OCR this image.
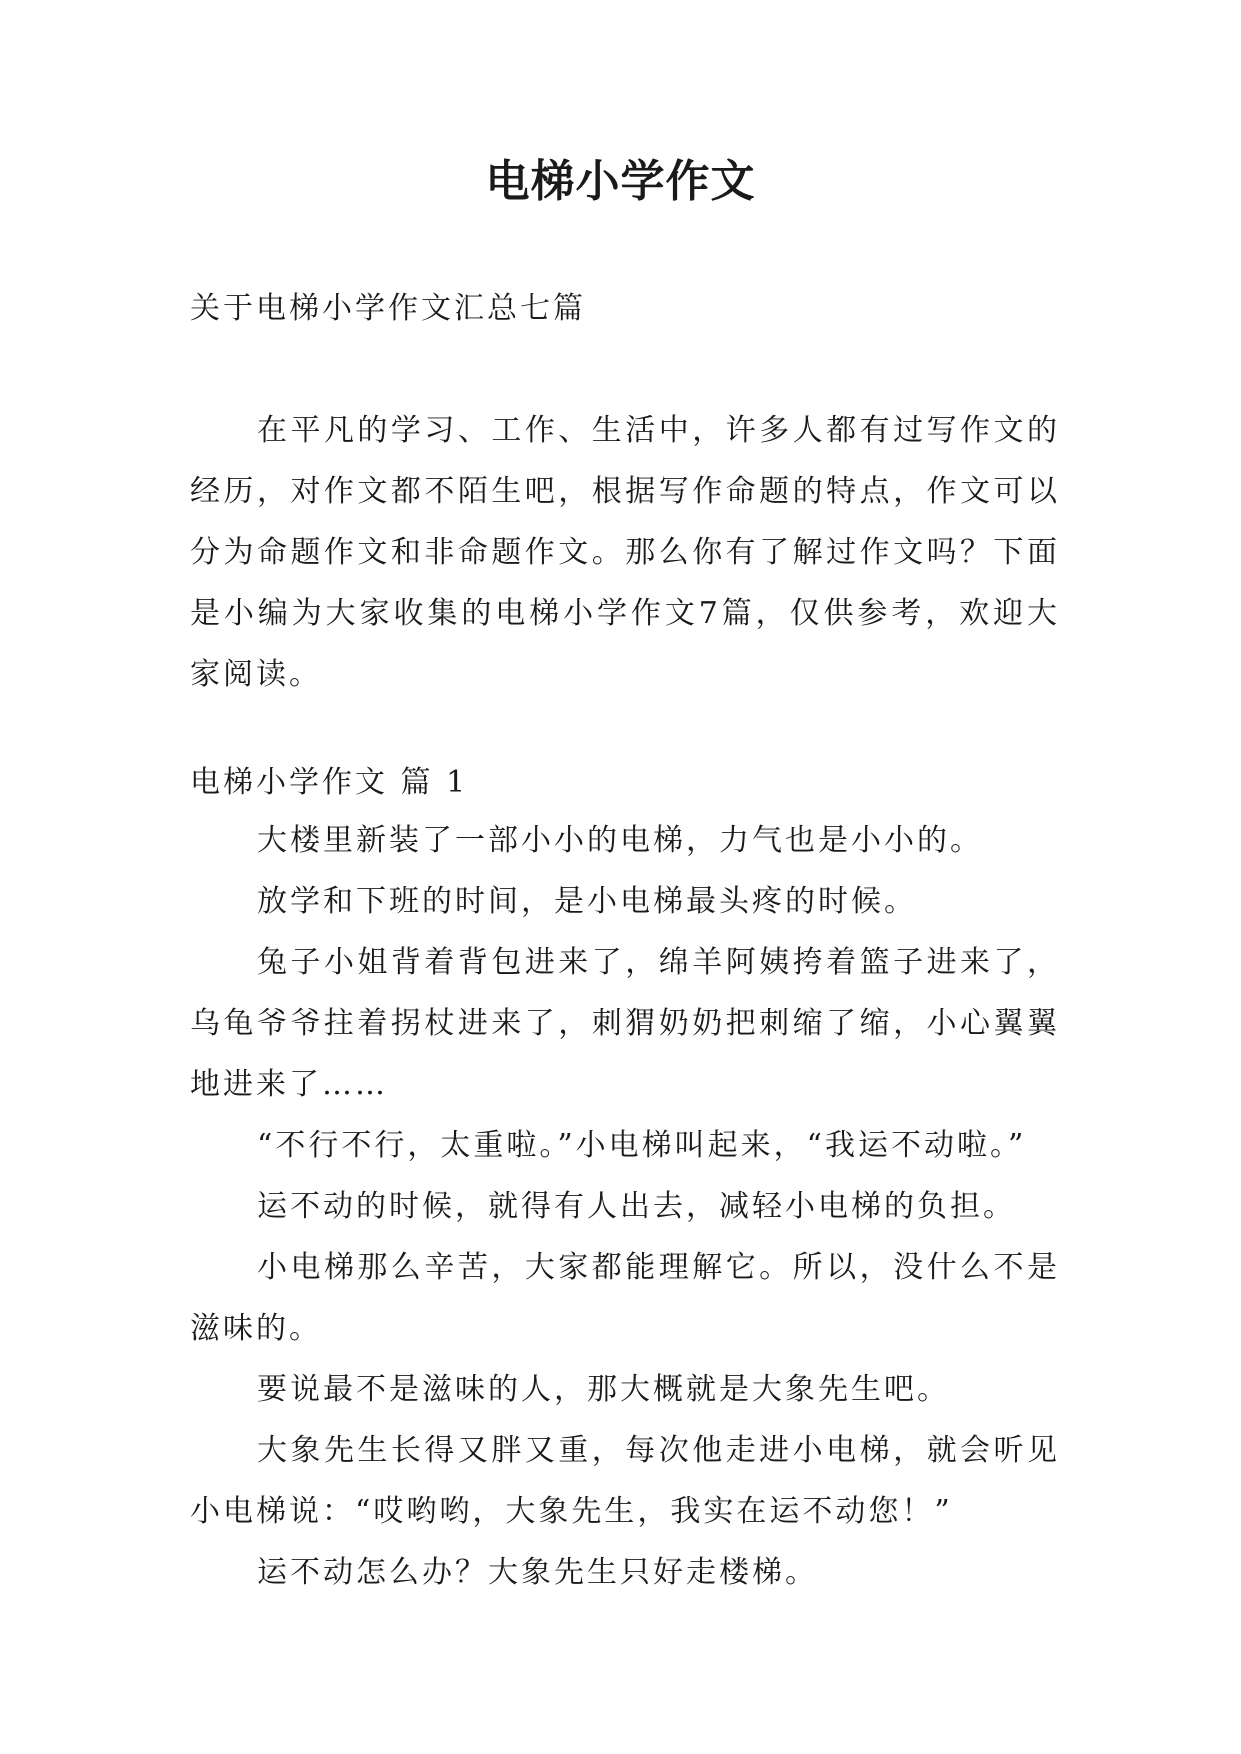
电梯小学作文
关于电梯小学作文汇总七篇

在平凡的学习、工作、生活中，许多人都有过写作文的经历，对作文都不陌生吧，根据写作命题的特点，作文可以分为命题作文和非命题作文。那么你有了解过作文吗？下面是小编为大家收集的电梯小学作文7篇，仅供参考，欢迎大家阅读。

电梯小学作文 篇 1

大楼里新装了一部小小的电梯，力气也是小小的。

放学和下班的时间，是小电梯最头疼的时候。

兔子小姐背着背包进来了，绵羊阿姨挎着篮子进来了，乌龟爷爷拄着拐杖进来了，刺猬奶奶把刺缩了缩，小心翼翼地进来了……

“不行不行，太重啦。”小电梯叫起来，“我运不动啦。”

运不动的时候，就得有人出去，减轻小电梯的负担。

小电梯那么辛苦，大家都能理解它。所以，没什么不是滋味的。

要说最不是滋味的人，那大概就是大象先生吧。

大象先生长得又胖又重，每次他走进小电梯，就会听见小电梯说：“哎哟哟，大象先生，我实在运不动您！”

运不动怎么办？大象先生只好走楼梯。
